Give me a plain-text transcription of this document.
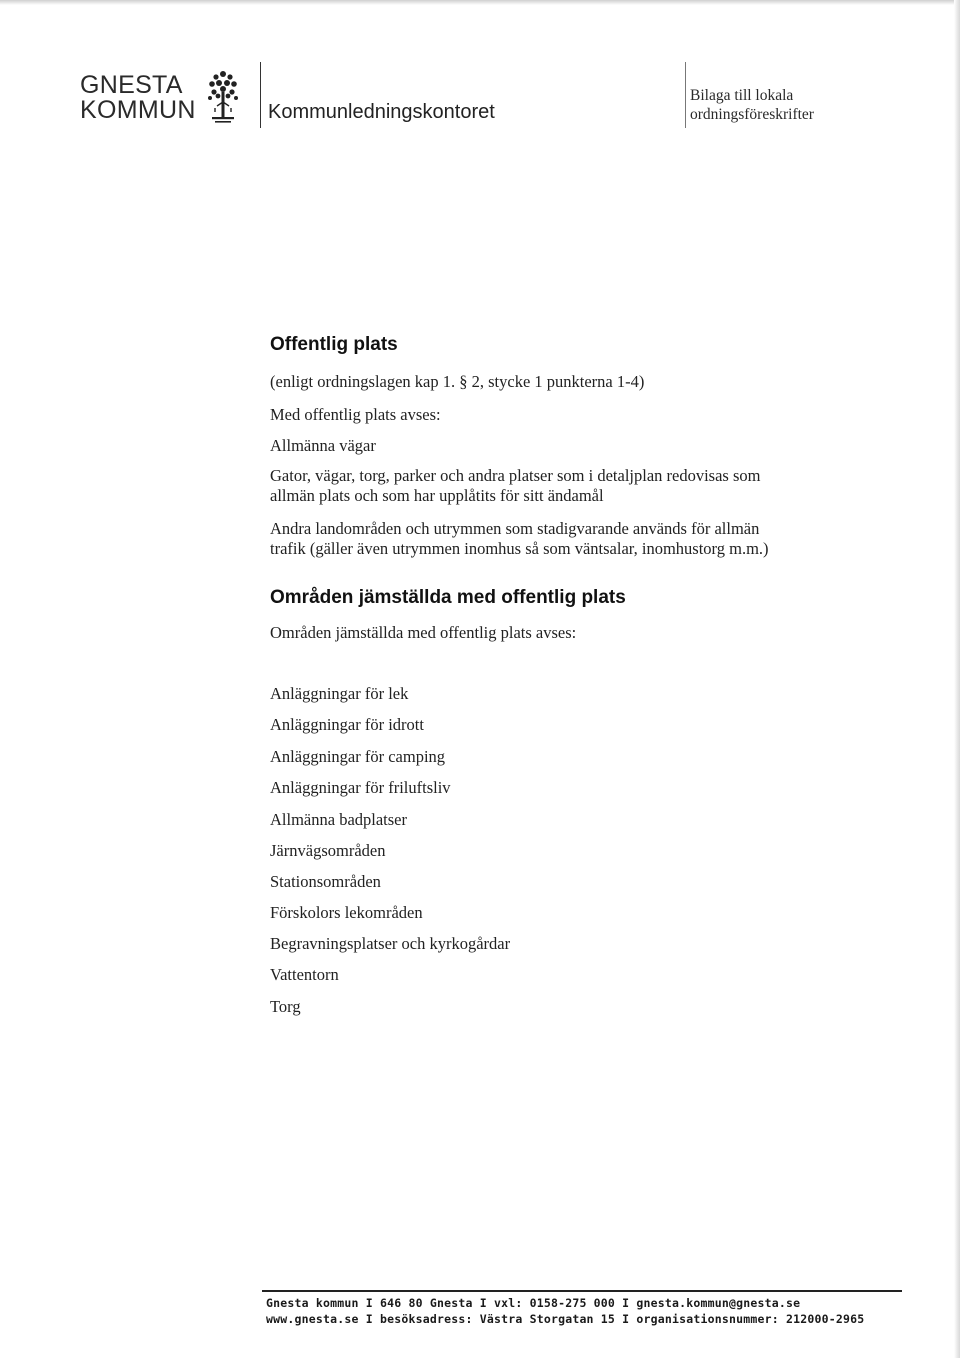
GNESTA
KOMMUN	Kommunledningskontoret
Bilaga till lokala
ordningsföreskrifter
Offentlig plats
(enligt ordningslagen kap 1. § 2, stycke 1 punkterna 1-4)
Med offentlig plats avses:
Allmänna vägar
Gator, vägar, torg, parker och andra platser som i detaljplan redovisas som
allmän plats och som har upplåtits för sitt ändamål
Andra landområden och utrymmen som stadigvarande används för allmän
trafik (gäller även utrymmen inomhus så som väntsalar, inomhustorg m.m.)
Områden jämställda med offentlig plats
Områden jämställda med offentlig plats avses:
Anläggningar för lek
Anläggningar för idrott
Anläggningar för camping
Anläggningar för friluftsliv
Allmänna badplatser
Järnvägsområden
Stationsområden
Förskolors lekområden
Begravningsplatser och kyrkogårdar
Vattentorn
Torg
Gnesta kommun I 646 80 Gnesta I vxl: 0158-275 000 I gnesta.kommun@gnesta.se
www.gnesta.se I besöksadress: Västra Storgatan 15 I organisationsnummer: 212000-2965
